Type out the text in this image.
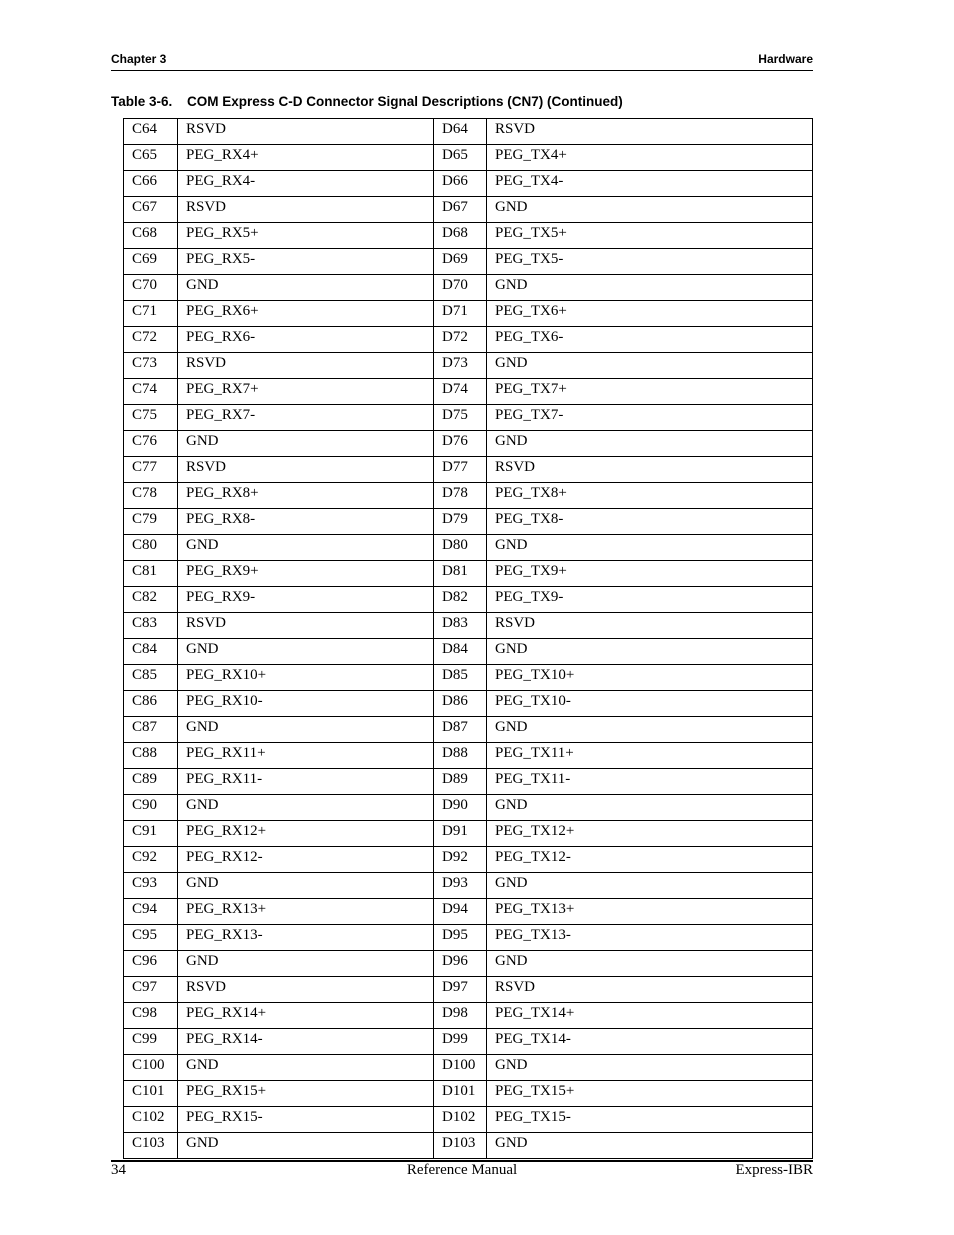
Chapter 3	Hardware
Table 3-6. COM Express C-D Connector Signal Descriptions (CN7) (Continued)
C64	RSVD	D64	RSVD
C65	PEG_RX4+	D65	PEG_TX4+
C66	PEG_RX4-	D66	PEG_TX4-
C67	RSVD	D67	GND
C68	PEG_RX5+	D68	PEG_TX5+
C69	PEG_RX5-	D69	PEG_TX5-
C70	GND	D70	GND
C71	PEG_RX6+	D71	PEG_TX6+
C72	PEG_RX6-	D72	PEG_TX6-
C73	RSVD	D73	GND
C74	PEG_RX7+	D74	PEG_TX7+
C75	PEG_RX7-	D75	PEG_TX7-
C76	GND	D76	GND
C77	RSVD	D77	RSVD
C78	PEG_RX8+	D78	PEG_TX8+
C79	PEG_RX8-	D79	PEG_TX8-
C80	GND	D80	GND
C81	PEG_RX9+	D81	PEG_TX9+
C82	PEG_RX9-	D82	PEG_TX9-
C83	RSVD	D83	RSVD
C84	GND	D84	GND
C85	PEG_RX10+	D85	PEG_TX10+
C86	PEG_RX10-	D86	PEG_TX10-
C87	GND	D87	GND
C88	PEG_RX11+	D88	PEG_TX11+
C89	PEG_RX11-	D89	PEG_TX11-
C90	GND	D90	GND
C91	PEG_RX12+	D91	PEG_TX12+
C92	PEG_RX12-	D92	PEG_TX12-
C93	GND	D93	GND
C94	PEG_RX13+	D94	PEG_TX13+
C95	PEG_RX13-	D95	PEG_TX13-
C96	GND	D96	GND
C97	RSVD	D97	RSVD
C98	PEG_RX14+	D98	PEG_TX14+
C99	PEG_RX14-	D99	PEG_TX14-
C100	GND	D100	GND
C101	PEG_RX15+	D101	PEG_TX15+
C102	PEG_RX15-	D102	PEG_TX15-
C103	GND	D103	GND
34	Reference Manual	Express-IBR
